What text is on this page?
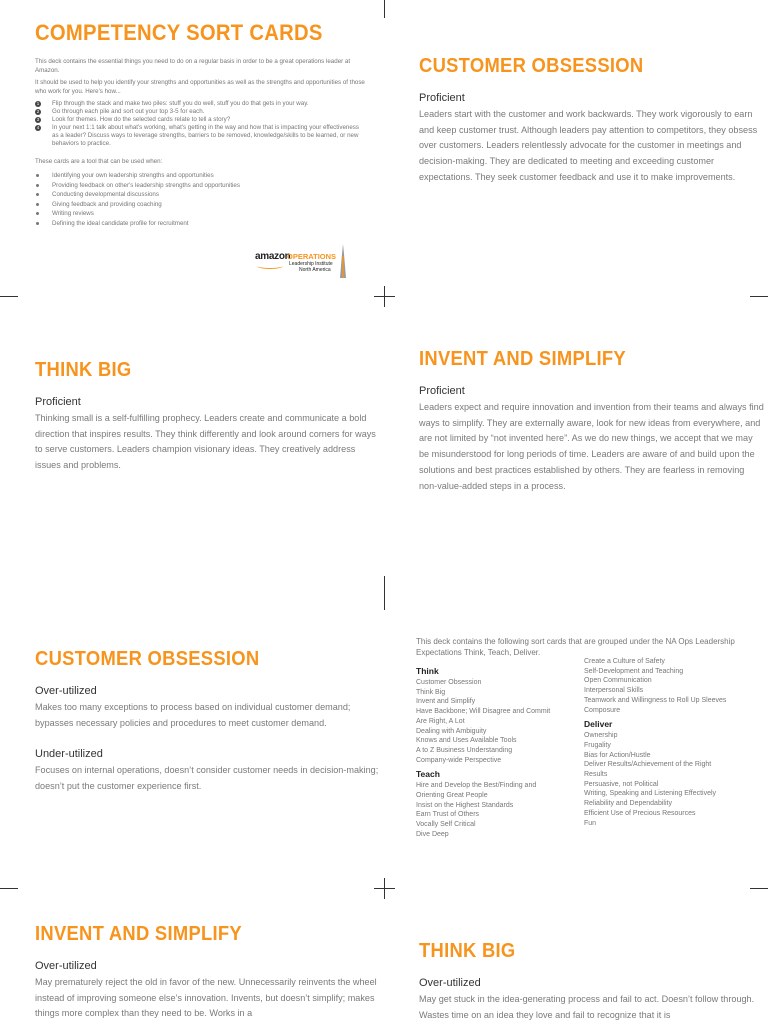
COMPETENCY SORT CARDS

This deck contains the essential things you need to do on a regular basis in order to be a great operations leader at Amazon.

It should be used to help you identify your strengths and opportunities as well as the strengths and opportunities of those who work for you. Here's how...

1 Flip through the stack and make two piles: stuff you do well, stuff you do that gets in your way.
2 Go through each pile and sort out your top 3-5 for each.
3 Look for themes. How do the selected cards relate to tell a story?
4 In your next 1:1 talk about what's working, what's getting in the way and how that is impacting your effectiveness as a leader? Discuss ways to leverage strengths, barriers to be removed, knowledge/skills to be learned, or new behaviors to practice.

These cards are a tool that can be used when:

Identifying your own leadership strengths and opportunities
Providing feedback on other's leadership strengths and opportunities
Conducting developmental discussions
Giving feedback and providing coaching
Writing reviews
Defining the ideal candidate profile for recruitment
amazon
OPERATIONS
Leadership Institute
North America
CUSTOMER OBSESSION

Proficient

Leaders start with the customer and work backwards. They work vigorously to earn and keep customer trust. Although leaders pay attention to competitors, they obsess over customers. Leaders relentlessly advocate for the customer in meetings and decision-making. They are dedicated to meeting and exceeding customer expectations. They seek customer feedback and use it to make improvements.

THINK BIG

Proficient

Thinking small is a self-fulfilling prophecy. Leaders create and communicate a bold direction that inspires results. They think differently and look around corners for ways to serve customers. Leaders champion visionary ideas. They creatively address issues and problems.

INVENT AND SIMPLIFY

Proficient

Leaders expect and require innovation and invention from their teams and always find ways to simplify. They are externally aware, look for new ideas from everywhere, and are not limited by “not invented here”. As we do new things, we accept that we may be misunderstood for long periods of time. Leaders are aware of and build upon the solutions and best practices established by others. They are fearless in removing non-value-added steps in a process.

CUSTOMER OBSESSION

Over-utilized

Makes too many exceptions to process based on individual customer demand; bypasses necessary policies and procedures to meet customer demand.

Under-utilized

Focuses on internal operations, doesn’t consider customer needs in decision-making; doesn’t put the customer experience first.

INVENT AND SIMPLIFY

Over-utilized

May prematurely reject the old in favor of the new. Unnecessarily reinvents the wheel instead of improving someone else’s innovation. Invents, but doesn’t simplify; makes things more complex than they need to be. Works in a

THINK BIG

Over-utilized

May get stuck in the idea-generating process and fail to act. Doesn’t follow through. Wastes time on an idea they love and fail to recognize that it is

This deck contains the following sort cards that are grouped under the NA Ops Leadership Expectations Think, Teach, Deliver.

Think
Customer Obsession
Think Big
Invent and Simplify
Have Backbone; Will Disagree and Commit
Are Right, A Lot
Dealing with Ambiguity
Knows and Uses Available Tools
A to Z Business Understanding
Company-wide Perspective
Teach
Hire and Develop the Best/Finding and
Orienting Great People
Insist on the Highest Standards
Earn Trust of Others
Vocally Self Critical
Dive Deep
Create a Culture of Safety
Self-Development and Teaching
Open Communication
Interpersonal Skills
Teamwork and Willingness to Roll Up Sleeves
Composure
Deliver
Ownership
Frugality
Bias for Action/Hustle
Deliver Results/Achievement of the Right
Results
Persuasive, not Political
Writing, Speaking and Listening Effectively
Reliability and Dependability
Efficient Use of Precious Resources
Fun
